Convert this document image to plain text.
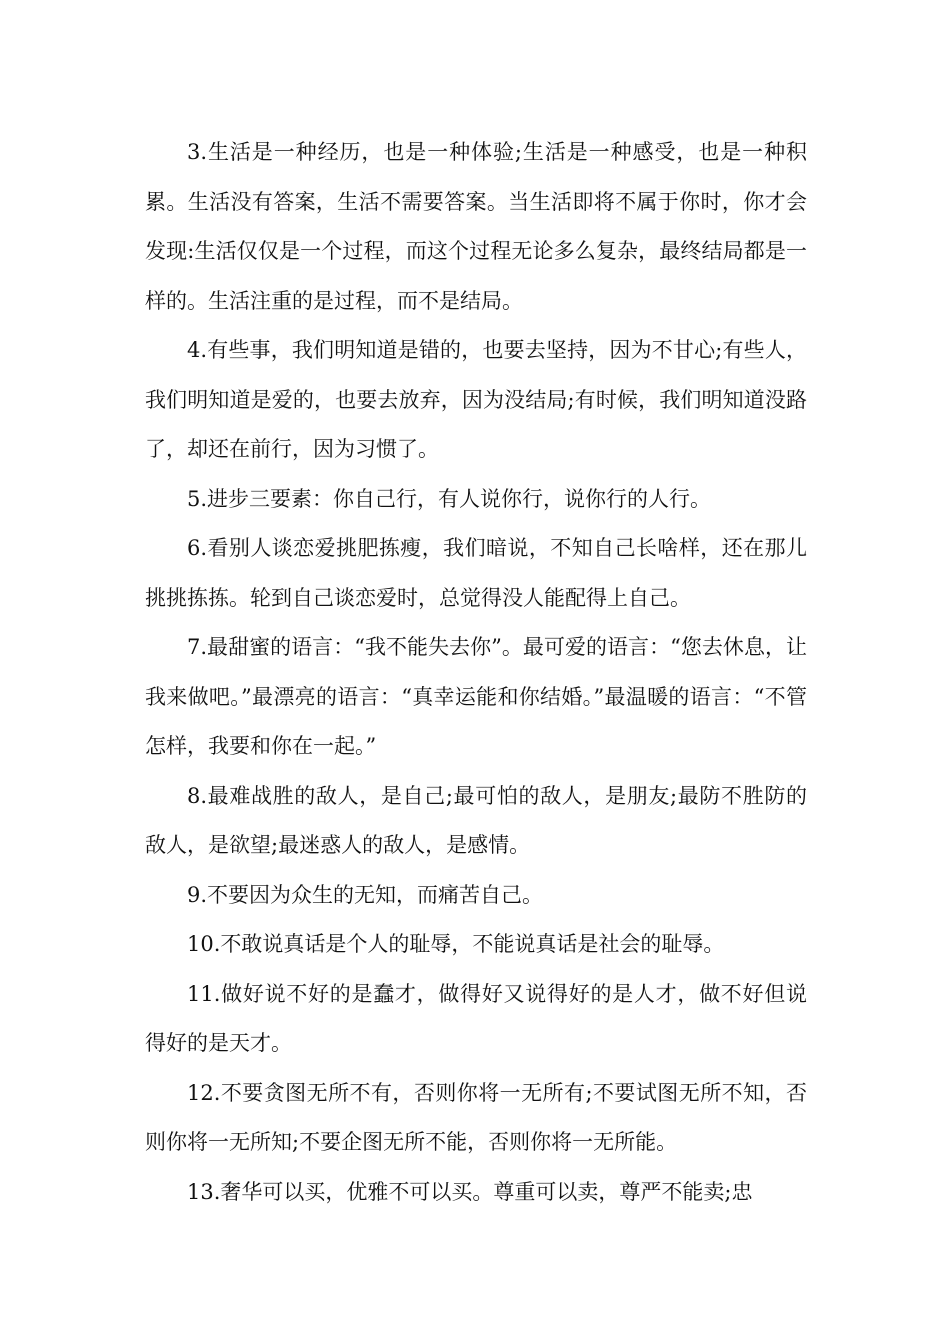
3.生活是一种经历，也是一种体验;生活是一种感受，也是一种积累。生活没有答案，生活不需要答案。当生活即将不属于你时，你才会发现:生活仅仅是一个过程，而这个过程无论多么复杂，最终结局都是一样的。生活注重的是过程，而不是结局。

4.有些事，我们明知道是错的，也要去坚持，因为不甘心;有些人，我们明知道是爱的，也要去放弃，因为没结局;有时候，我们明知道没路了，却还在前行，因为习惯了。

5.进步三要素：你自己行，有人说你行，说你行的人行。

6.看别人谈恋爱挑肥拣瘦，我们暗说，不知自己长啥样，还在那儿挑挑拣拣。轮到自己谈恋爱时，总觉得没人能配得上自己。

7.最甜蜜的语言：“我不能失去你”。最可爱的语言：“您去休息，让我来做吧。”最漂亮的语言：“真幸运能和你结婚。”最温暖的语言：“不管怎样，我要和你在一起。”

8.最难战胜的敌人，是自己;最可怕的敌人，是朋友;最防不胜防的敌人，是欲望;最迷惑人的敌人，是感情。

9.不要因为众生的无知，而痛苦自己。

10.不敢说真话是个人的耻辱，不能说真话是社会的耻辱。

11.做好说不好的是蠢才，做得好又说得好的是人才，做不好但说得好的是天才。

12.不要贪图无所不有，否则你将一无所有;不要试图无所不知，否则你将一无所知;不要企图无所不能，否则你将一无所能。

13.奢华可以买，优雅不可以买。尊重可以卖，尊严不能卖;忠
